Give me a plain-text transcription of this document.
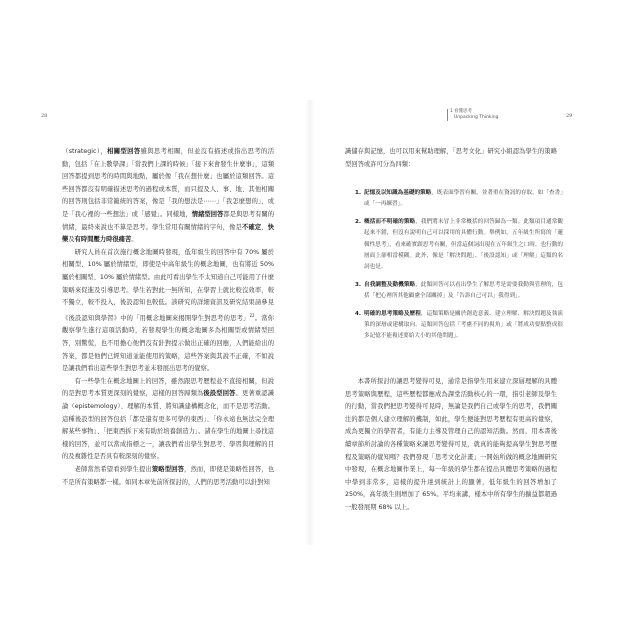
28	29
1 看懂思考
Unpacking Thinking

（strategic），相關型回答雖與思考相關，但並沒有描述或指出思考的活動，包括「在上數學課」「當我們上課的時候」「接下來會發生什麼事」，這類回答都提到思考的時間與地點，屬於像「我在想什麼」也屬於這類回答。這些回答都沒有明確描述思考的過程或本質，而只提及人、事、地、其他相關的回答則包括非常籠統的答案，像是「我的想法是⋯⋯」「我怎麼想的」，或是「我心裡的一些想法」或「感覺」。同樣地，情緒型回答都是與思考有關的情緒，最終來說也不算是思考。學生常用有關情緒的字句，像是不確定、快樂及有時間壓力時很痛苦。

研究人員在首次施行概念地圖時發現，低年級生的回答中有 70% 屬於相關型、10% 屬於情緒型，即使是中高年級生的概念地圖，也有將近 50% 屬於相關型、10% 屬於情緒型。由此可看出學生不太知道自己可能用了什麼策略來促進及引導思考。學生若對此一無所知，在學習上就比較沒效率，較不獨立，較不投入，後設認知也較低。該研究的詳細資訊及研究結果請參見《後設認知與學習》中的「用概念地圖來揭開學生對思考的思考」$^{22}$。當你觀察學生進行這項活動時，若發現學生的概念地圖多為相關型或情緒型回答，別驚慌，也不用擔心他們沒有針對提示做出正確的回應，人們能給出的答案，都是他們已經知道並能使用的策略，這些答案與其說不正確，不如說是讓我們看出這些學生對思考並未發展出思考的覺察。

有一些學生在概念地圖上的回答，雖然跟思考歷程並不直接相關，但說的是對思考本質更深刻的覺察，這樣的回答歸類為後設型回答。更著重認識論（epistemology）、理解的本質、將知識建構概念化，而不是思考活動。這種後設型的回答包括「都是還有更多可學的東西」、「你永遠也無法完全理解某些事物」、「把東西拆下來有助於培養創造力」。諸在學生的地圖上尋找這樣的回答，並可以當成指標之一，讓我們看出學生對思考、學習與理解的目的及複雜性是否具有較深刻的覺察。

老師當然希望看到學生提出策略型回答，然而，即使是策略性回答，也不是所有策略都一樣。如同本章先前所探討的，人們的思考活動可以針對知

識儲存與記憶，也可以用來幫助理解，「思考文化」研究小組認為學生的策略型回答或許可分為四類：

1. 記憶及以知識為基礎的策略，既表面學習有關，並著重在資訊的存取，如「查書」或「一再練習」。
2. 概括而不明確的策略，我們將未冒上非常概括的回答歸為一類。此類項目通常觀起來不錯，但沒有說明自己可以採用的具體行動。舉例如，五年級生所寫的「邏輯性思考」，看來確實跟思考有關，但當這個詞出現在五年級生之口時，也行動的層面上卻相當模糊。此外，像是「解決問題」、「後設認知」或「理解」這類的名詞也是。
3. 自我調整及動機策略，此類回答可以看出學生了解思考是需要我動與管理的，包括「把心裡所其他顧慮全部關掉」及「告訴自己可以」我得到」。
4. 明確的思考策略及歷程，這類策略是關於創造意義、建立理解、解決問題及執演策的深層或建構取向。這類回答包括「考慮不同的視角」或「將成功要點整成很多記憶不能複述要給大小的其他問題」。

本書所探討的讓思考變得可見，通常是指學生用來建立深層理解的具體思考策略與歷程，這些歷程都應成為課堂活動核心的一環，指引老師及學生的行動，當我們把思考變得可見時，無論是我們自己或學生的思考，我們關注的都是個人建立理解的機制，如此，學生便能對思考歷程有更高的覺察，成為更獨立的學習者，有能力主導及管理自己的認知活動。然而，用本書後續章節所討論的各種策略來讓思考變得可見，就真的能夠提高學生對思考歷程及策略的覺知嗎？我們發現「思考文化計畫」一開始所做的概念地圖研究中發現，在概念地圖作業上，每一年級的學生都在提出具體思考策略的過程中學到非常多，這樣的提升達到統計上的顯著，低年級生的回答增加了 250%，高年級生則增加了 65%。平均來講，樣本中所有學生的擴益都超過一般發展期 68% 以上。
